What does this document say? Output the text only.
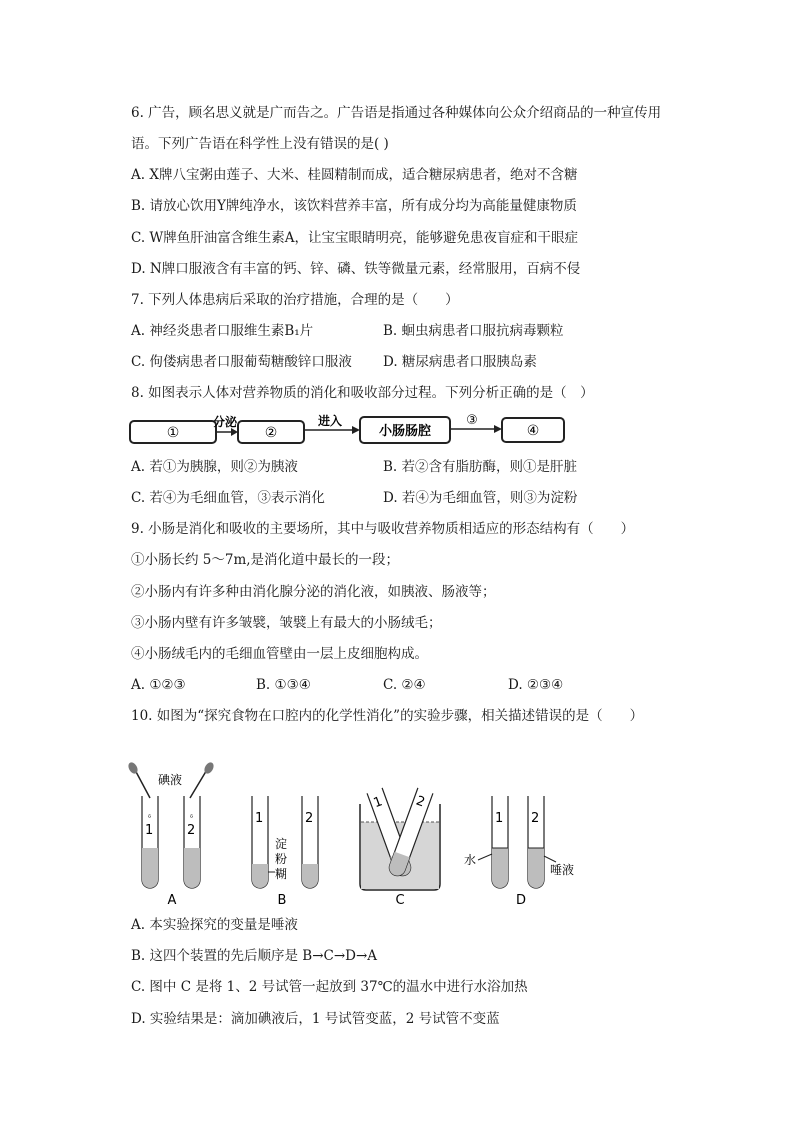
6. 广告，顾名思义就是广而告之。广告语是指通过各种媒体向公众介绍商品的一种宣传用
语。下列广告语在科学性上没有错误的是( )
A. X牌八宝粥由莲子、大米、桂圆精制而成，适合糖尿病患者，绝对不含糖
B. 请放心饮用Y牌纯净水，该饮料营养丰富，所有成分均为高能量健康物质
C. W牌鱼肝油富含维生素A，让宝宝眼睛明亮，能够避免患夜盲症和干眼症
D. N牌口服液含有丰富的钙、锌、磷、铁等微量元素，经常服用，百病不侵
7. 下列人体患病后采取的治疗措施，合理的是（　　）
A. 神经炎患者口服维生素B₁片	B. 蛔虫病患者口服抗病毒颗粒
C. 佝偻病患者口服葡萄糖酸锌口服液 D. 糖尿病患者口服胰岛素
8. 如图表示人体对营养物质的消化和吸收部分过程。下列分析正确的是（　）
①
分泌
②
进入
小肠肠腔
③
④
A. 若①为胰腺，则②为胰液	B. 若②含有脂肪酶，则①是肝脏
C. 若④为毛细血管，③表示消化	D. 若④为毛细血管，则③为淀粉
9. 小肠是消化和吸收的主要场所，其中与吸收营养物质相适应的形态结构有（　　）
①小肠长约 5～7m,是消化道中最长的一段；
②小肠内有许多种由消化腺分泌的消化液，如胰液、肠液等；
③小肠内壁有许多皱襞，皱襞上有最大的小肠绒毛；
④小肠绒毛内的毛细血管壁由一层上皮细胞构成。
A. ①②③	B. ①③④	C. ②④	D. ②③④
10. 如图为“探究食物在口腔内的化学性消化”的实验步骤，相关描述错误的是（　　）
碘液
1
ᵟ
2
ᵟ
A
1	2
淀
粉
糊
B
1 2
C
1
水
2
唾液
D
A. 本实验探究的变量是唾液
B. 这四个装置的先后顺序是 B→C→D→A
C. 图中 C 是将 1、2 号试管一起放到 37℃的温水中进行水浴加热
D. 实验结果是：滴加碘液后，1 号试管变蓝，2 号试管不变蓝
